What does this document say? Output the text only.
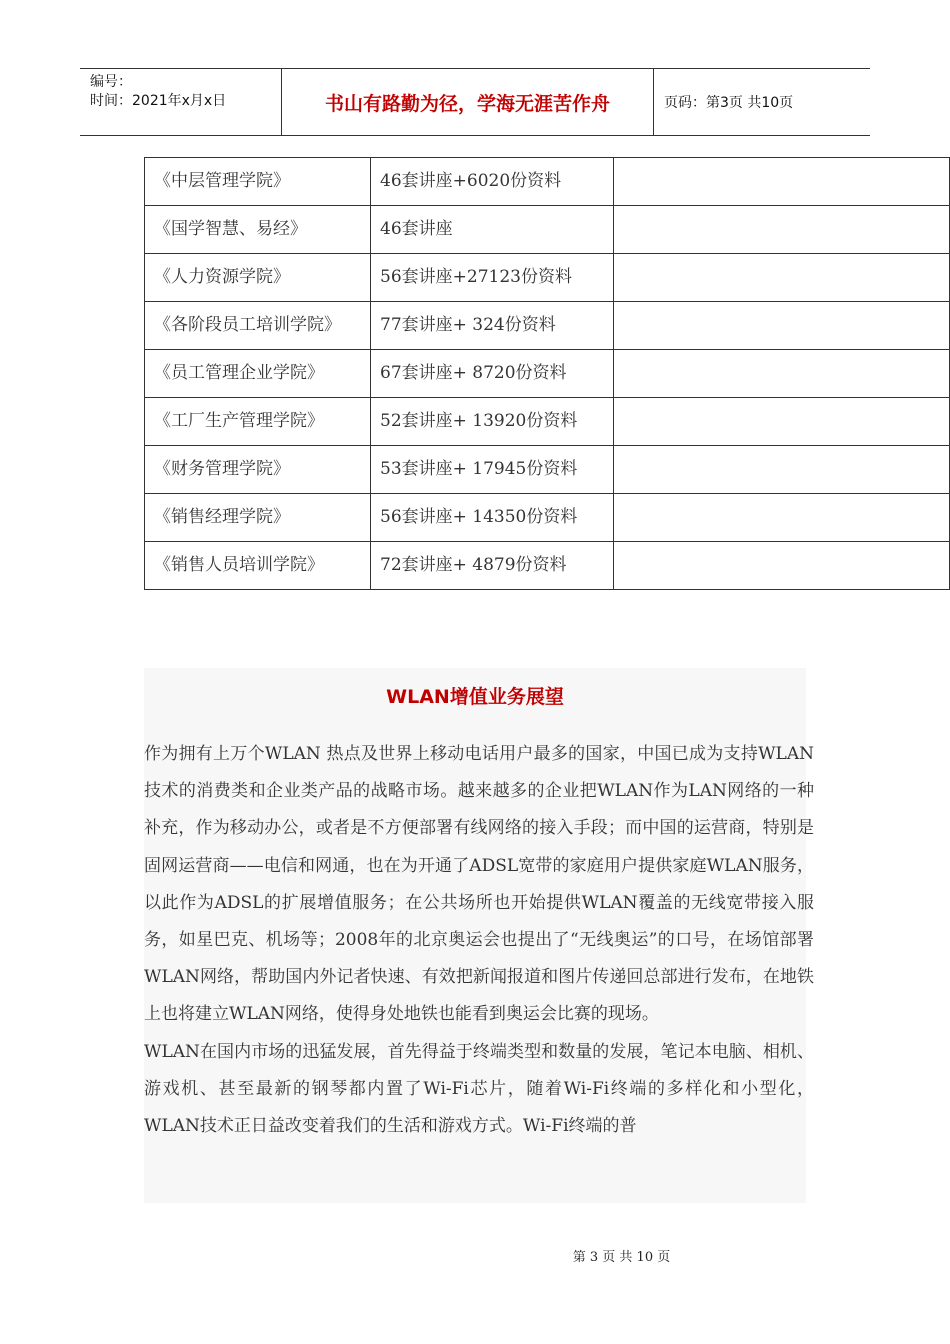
编号：
时间：2021年x月x日	书山有路勤为径，学海无涯苦作舟	页码：第3页 共10页
《中层管理学院》	46套讲座+6020份资料	
《国学智慧、易经》	46套讲座	
《人力资源学院》	56套讲座+27123份资料	
《各阶段员工培训学院》	77套讲座+ 324份资料	
《员工管理企业学院》	67套讲座+ 8720份资料	
《工厂生产管理学院》	52套讲座+ 13920份资料	
《财务管理学院》	53套讲座+ 17945份资料	
《销售经理学院》	56套讲座+ 14350份资料	
《销售人员培训学院》	72套讲座+ 4879份资料	
WLAN增值业务展望

作为拥有上万个WLAN 热点及世界上移动电话用户最多的国家，中国已成为支持WLAN技术的消费类和企业类产品的战略市场。越来越多的企业把WLAN作为LAN网络的一种补充，作为移动办公，或者是不方便部署有线网络的接入手段；而中国的运营商，特别是固网运营商——电信和网通，也在为开通了ADSL宽带的家庭用户提供家庭WLAN服务，以此作为ADSL的扩展增值服务；在公共场所也开始提供WLAN覆盖的无线宽带接入服务，如星巴克、机场等；2008年的北京奥运会也提出了“无线奥运”的口号，在场馆部署WLAN网络，帮助国内外记者快速、有效把新闻报道和图片传递回总部进行发布，在地铁上也将建立WLAN网络，使得身处地铁也能看到奥运会比赛的现场。

WLAN在国内市场的迅猛发展，首先得益于终端类型和数量的发展，笔记本电脑、相机、游戏机、甚至最新的钢琴都内置了Wi-Fi芯片，随着Wi-Fi终端的多样化和小型化，WLAN技术正日益改变着我们的生活和游戏方式。Wi-Fi终端的普

第 3 页 共 10 页
